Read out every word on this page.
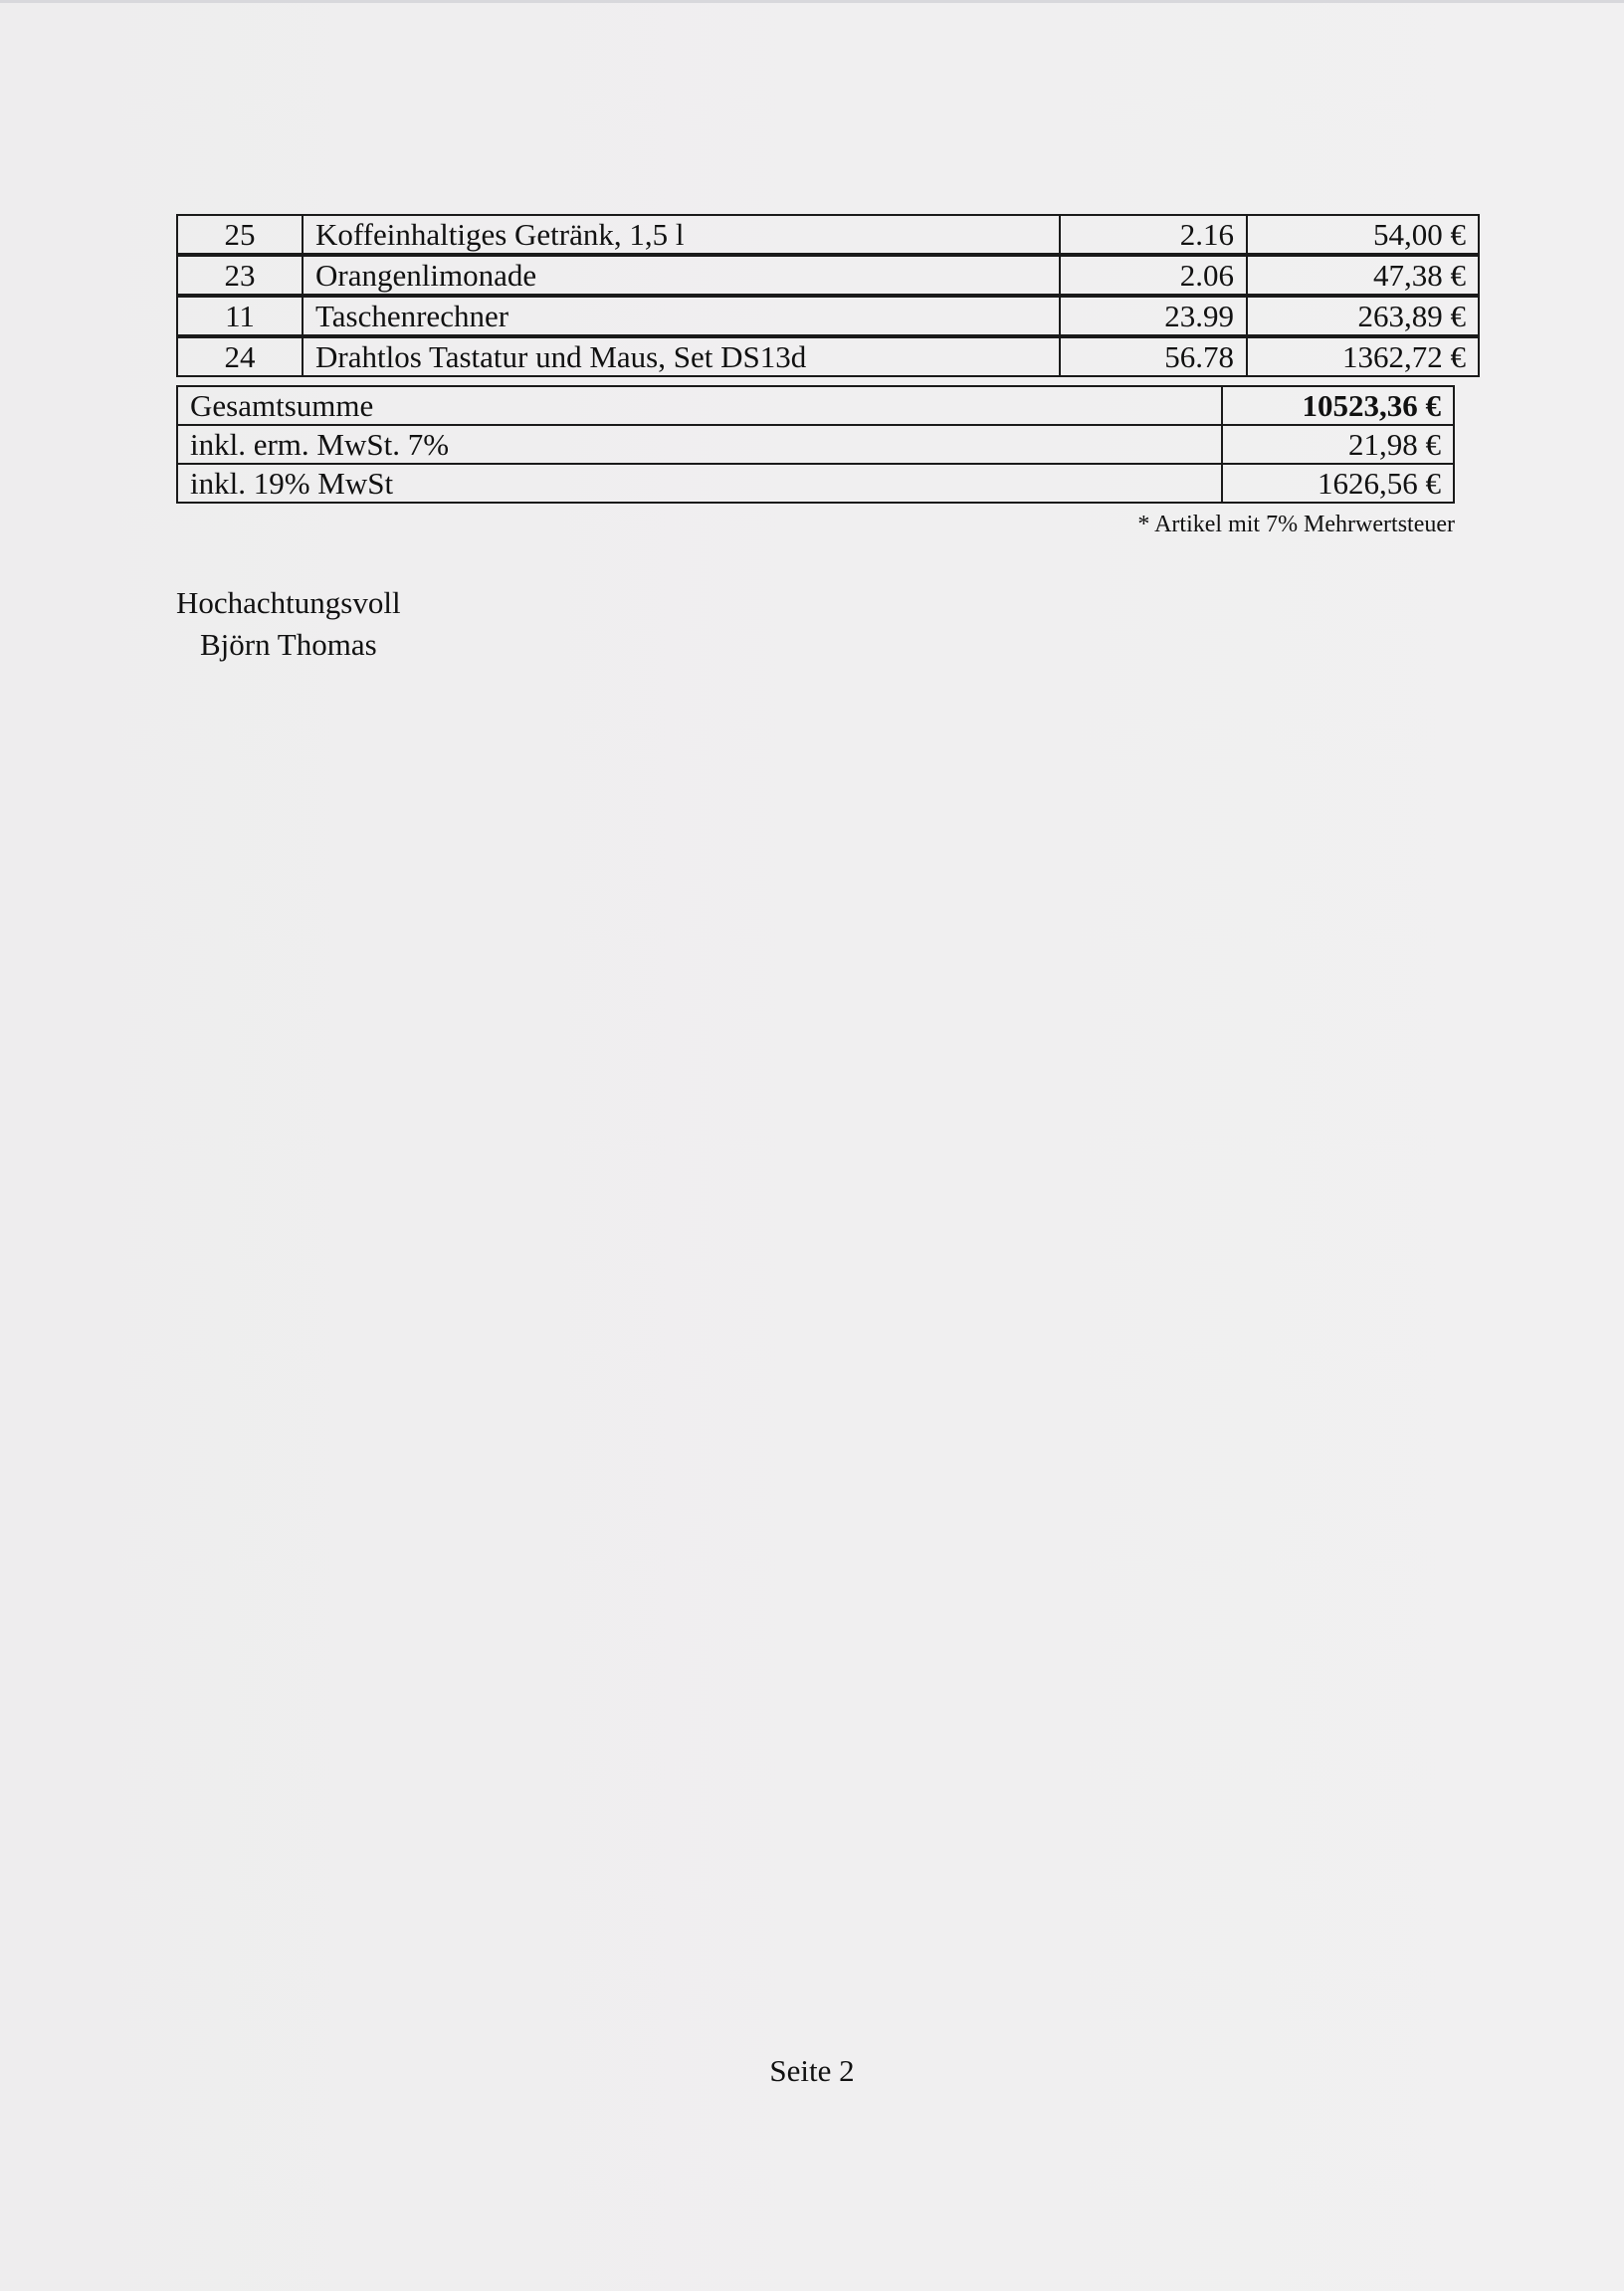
25	Koffeinhaltiges Getränk, 1,5 l	2.16	54,00 €
23	Orangenlimonade	2.06	47,38 €
11	Taschenrechner	23.99	263,89 €
24	Drahtlos Tastatur und Maus, Set DS13d	56.78	1362,72 €
Gesamtsumme	10523,36 €
inkl. erm. MwSt. 7%	21,98 €
inkl. 19% MwSt	1626,56 €
* Artikel mit 7% Mehrwertsteuer
Hochachtungsvoll
Björn Thomas
Seite 2
